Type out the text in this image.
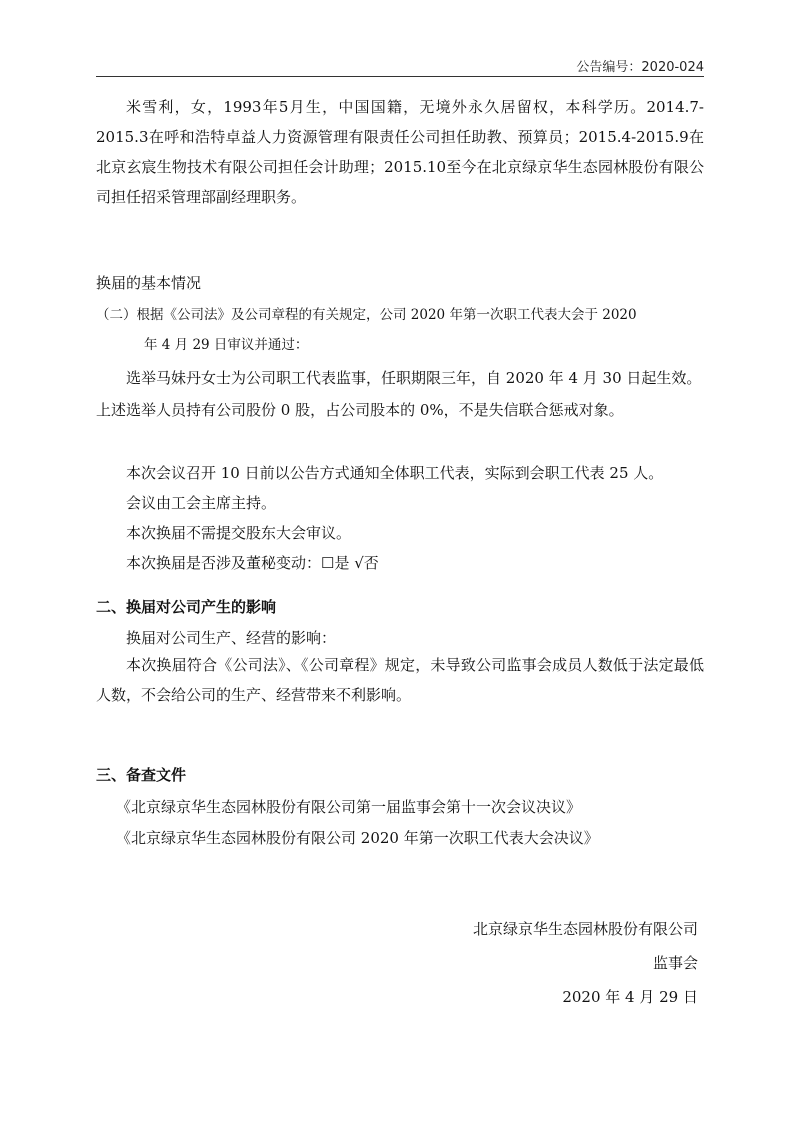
公告编号：2020-024

米雪利，女，1993年5月生，中国国籍，无境外永久居留权，本科学历。2014.7-2015.3在呼和浩特卓益人力资源管理有限责任公司担任助教、预算员；2015.4-2015.9在北京玄宸生物技术有限公司担任会计助理；2015.10至今在北京绿京华生态园林股份有限公司担任招采管理部副经理职务。

换届的基本情况

（二）根据《公司法》及公司章程的有关规定，公司 2020 年第一次职工代表大会于 2020

年 4 月 29 日审议并通过：

选举马妹丹女士为公司职工代表监事，任职期限三年，自 2020 年 4 月 30 日起生效。

上述选举人员持有公司股份 0 股，占公司股本的 0%，不是失信联合惩戒对象。

本次会议召开 10 日前以公告方式通知全体职工代表，实际到会职工代表 25 人。

会议由工会主席主持。

本次换届不需提交股东大会审议。

本次换届是否涉及董秘变动：☐是 √否

二、换届对公司产生的影响

换届对公司生产、经营的影响：

本次换届符合《公司法》、《公司章程》规定，未导致公司监事会成员人数低于法定最低人数，不会给公司的生产、经营带来不利影响。

三、备查文件

《北京绿京华生态园林股份有限公司第一届监事会第十一次会议决议》

《北京绿京华生态园林股份有限公司 2020 年第一次职工代表大会决议》

北京绿京华生态园林股份有限公司
监事会
2020 年 4 月 29 日
